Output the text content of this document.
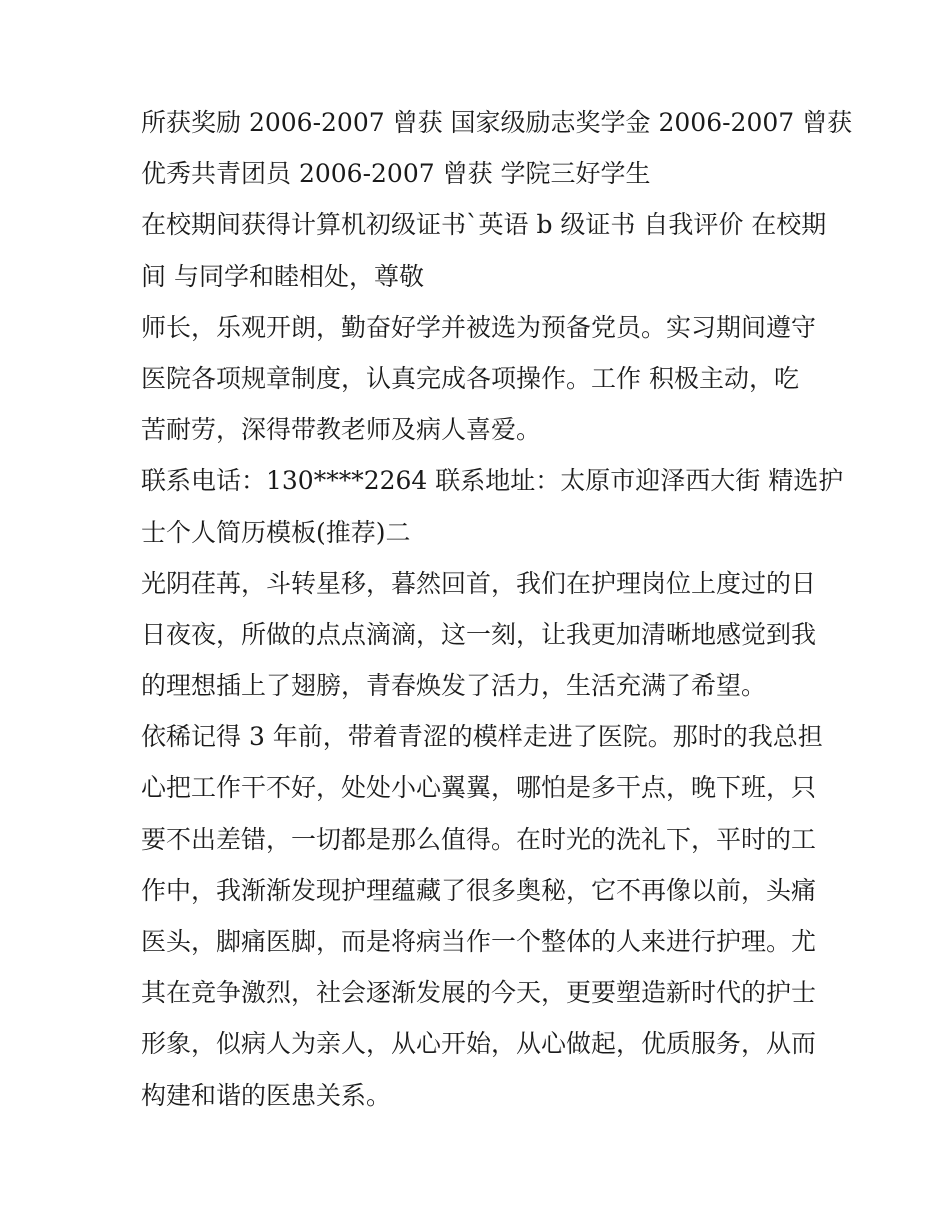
所获奖励 2006-2007 曾获 国家级励志奖学金 2006-2007 曾获
优秀共青团员 2006-2007 曾获 学院三好学生
在校期间获得计算机初级证书`英语 b 级证书 自我评价 在校期
间 与同学和睦相处，尊敬
师长，乐观开朗，勤奋好学并被选为预备党员。实习期间遵守
医院各项规章制度，认真完成各项操作。工作 积极主动，吃
苦耐劳，深得带教老师及病人喜爱。
联系电话：130****2264 联系地址：太原市迎泽西大街 精选护
士个人简历模板(推荐)二
光阴荏苒，斗转星移，暮然回首，我们在护理岗位上度过的日
日夜夜，所做的点点滴滴，这一刻，让我更加清晰地感觉到我
的理想插上了翅膀，青春焕发了活力，生活充满了希望。
依稀记得 3 年前，带着青涩的模样走进了医院。那时的我总担
心把工作干不好，处处小心翼翼，哪怕是多干点，晚下班，只
要不出差错，一切都是那么值得。在时光的洗礼下，平时的工
作中，我渐渐发现护理蕴藏了很多奥秘，它不再像以前，头痛
医头，脚痛医脚，而是将病当作一个整体的人来进行护理。尤
其在竞争激烈，社会逐渐发展的今天，更要塑造新时代的护士
形象，似病人为亲人，从心开始，从心做起，优质服务，从而
构建和谐的医患关系。
